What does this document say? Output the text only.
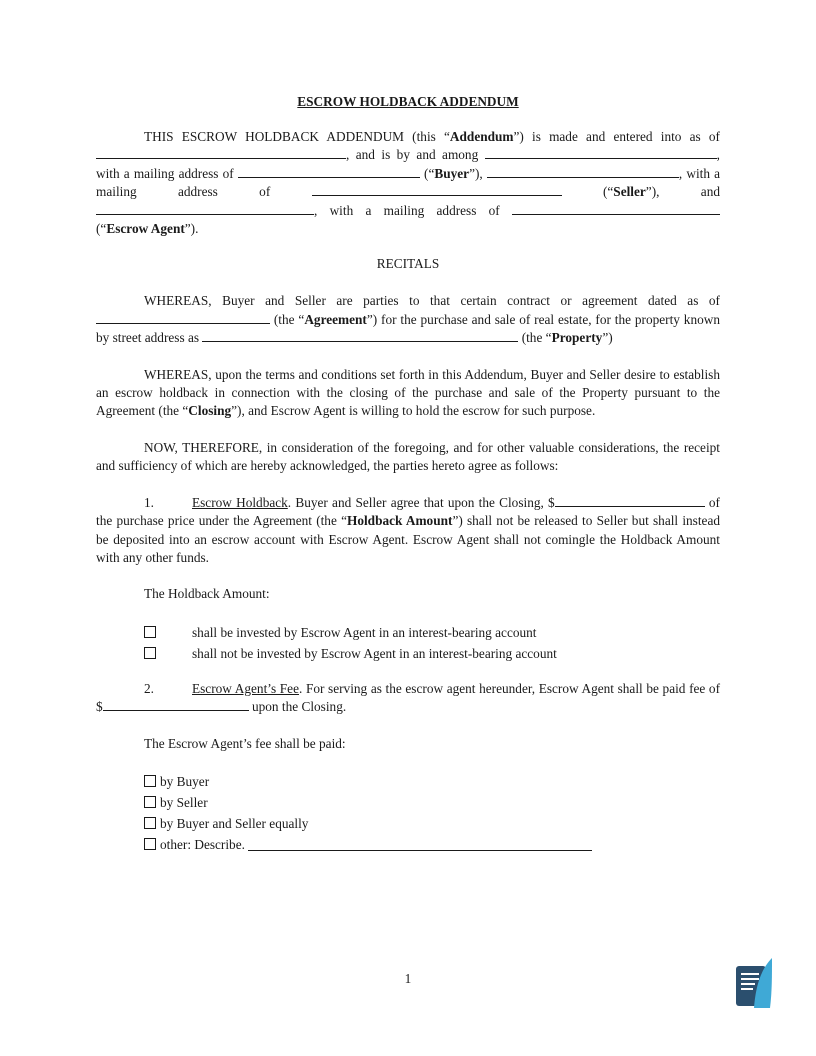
ESCROW HOLDBACK ADDENDUM

THIS ESCROW HOLDBACK ADDENDUM (this “Addendum”) is made and entered into as of , and is by and among	, with a mailing address of	(“Buyer”),	, with a mailing address of	(“Seller”), and , with a mailing address of  (“Escrow Agent”).

RECITALS

WHEREAS, Buyer and Seller are parties to that certain contract or agreement dated as of  (the “Agreement”) for the purchase and sale of real estate, for the property known by street address as	(the “Property”)

WHEREAS, upon the terms and conditions set forth in this Addendum, Buyer and Seller desire to establish an escrow holdback in connection with the closing of the purchase and sale of the Property pursuant to the Agreement (the “Closing”), and Escrow Agent is willing to hold the escrow for such purpose.

NOW, THEREFORE, in consideration of the foregoing, and for other valuable considerations, the receipt and sufficiency of which are hereby acknowledged, the parties hereto agree as follows:

1.	Escrow Holdback. Buyer and Seller agree that upon the Closing, $	of the purchase price under the Agreement (the “Holdback Amount”) shall not be released to Seller but shall instead be deposited into an escrow account with Escrow Agent. Escrow Agent shall not comingle the Holdback Amount with any other funds.

The Holdback Amount:
shall be invested by Escrow Agent in an interest-bearing account
shall not be invested by Escrow Agent in an interest-bearing account

2.	Escrow Agent’s Fee. For serving as the escrow agent hereunder, Escrow Agent shall be paid fee of $	upon the Closing.

The Escrow Agent’s fee shall be paid:
by Buyer
by Seller
by Buyer and Seller equally
other: Describe.

1
